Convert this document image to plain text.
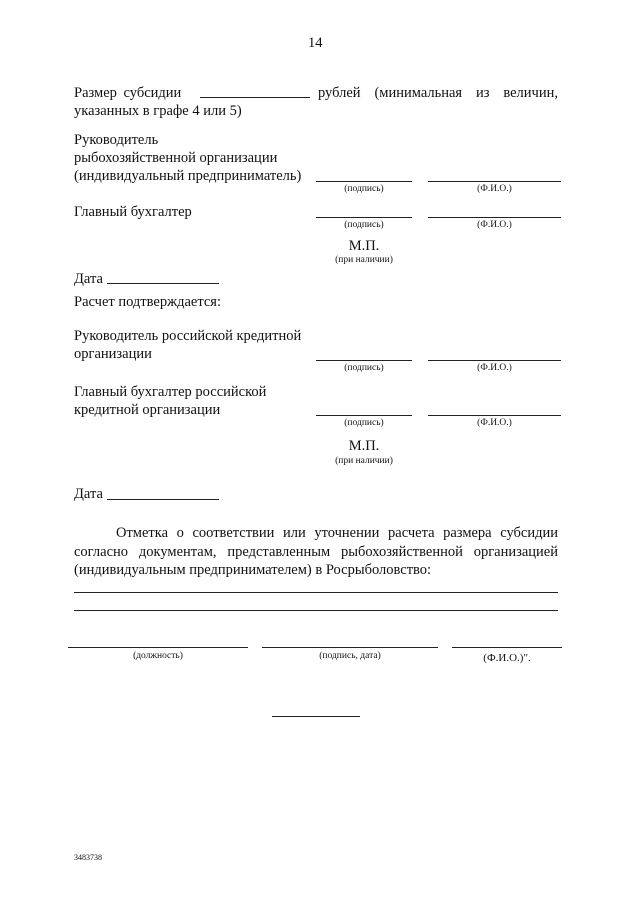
14
Размер субсидии	рублей (минимальная из величин,
указанных в графе 4 или 5)
Руководитель
рыбохозяйственной организации
(индивидуальный предприниматель)
(подпись)	(Ф.И.О.)
Главный бухгалтер
(подпись)	(Ф.И.О.)
М.П.
(при наличии)
Дата
Расчет подтверждается:
Руководитель российской кредитной
организации
(подпись)	(Ф.И.О.)
Главный бухгалтер российской
кредитной организации
(подпись)	(Ф.И.О.)
М.П.
(при наличии)
Дата
Отметка о соответствии или уточнении расчета размера субсидии
согласно документам, представленным рыбохозяйственной организацией
(индивидуальным предпринимателем) в Росрыболовство:
(должность)	(подпись, дата)	(Ф.И.О.)".
3483738
